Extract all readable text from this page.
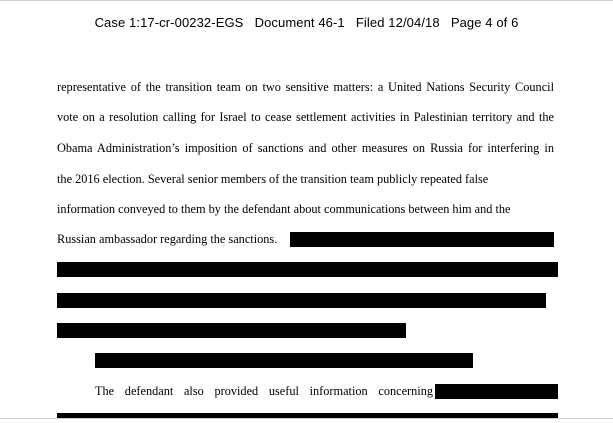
Case 1:17-cr-00232-EGS   Document 46-1   Filed 12/04/18   Page 4 of 6
representative of the transition team on two sensitive matters: a United Nations Security Council
vote on a resolution calling for Israel to cease settlement activities in Palestinian territory and the
Obama Administration’s imposition of sanctions and other measures on Russia for interfering in
the 2016 election. Several senior members of the transition team publicly repeated false
information conveyed to them by the defendant about communications between him and the
Russian ambassador regarding the sanctions.
The defendant also provided useful information concerning
